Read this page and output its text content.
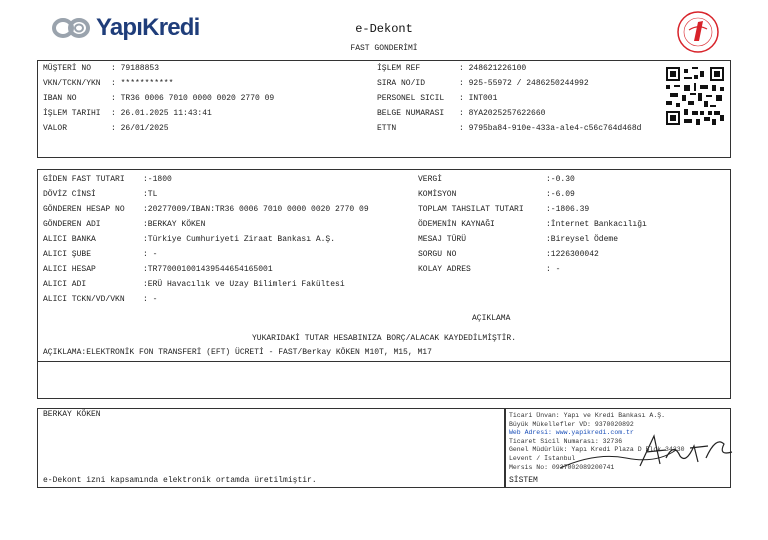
YapıKredi	e-Dekont
FAST GONDERİMİ
MÜŞTERİ NO : 79188853
VKN/TCKN/YKN : ***********
IBAN NO	: TR36 0006 7010 0000 0020 2770 09
İŞLEM TARIHI : 26.01.2025 11:43:41
VALOR	: 26/01/2025
İŞLEM REF	: 248621226100
SIRA NO/ID	: 925-55972 / 2486250244992
PERSONEL SICIL : INT001
BELGE NUMARASI : 8YA2025257622660
ETTN	: 9795ba84-910e-433a-ale4-c56c764d468d
GİDEN FAST TUTARI :-1800
DÖVİZ CİNSİ	:TL
GÖNDEREN HESAP NO :20277009/IBAN:TR36 0006 7010 0000 0020 2770 09
GÖNDEREN ADI	:BERKAY KÖKEN
ALICI BANKA	:Türkiye Cumhuriyeti Ziraat Bankası A.Ş.
ALICI ŞUBE	: -
ALICI HESAP	:TR770001001439544654165001
ALICI ADI	:ERÜ Havacılık ve Uzay Bilimleri Fakültesi
ALICI TCKN/VD/VKN : -
VERGİ	:-0.30
KOMİSYON	:-6.09
TOPLAM TAHSILAT TUTARI	:-1806.39
ÖDEMENİN KAYNAĞI	:İnternet Bankacılığı
MESAJ TÜRÜ	:Bireysel Ödeme
SORGU NO	:1226300042
KOLAY ADRES	: -
AÇIKLAMA
YUKARIDAKİ TUTAR HESABINIZA BORÇ/ALACAK KAYDEDİLMİŞTİR.
AÇIKLAMA:ELEKTRONİK FON TRANSFERİ (EFT) ÜCRETİ - FAST/Berkay KÖKEN M10T, M15, M17
BERKAY KÖKEN
e-Dekont izni kapsamında elektronik ortamda üretilmiştir.
Ticari Ünvan: Yapı ve Kredi Bankası A.Ş.
Büyük Mükellefler VD: 9370020892
Web Adresi: www.yapikredi.com.tr
Ticaret Sicil Numarası: 32736
Genel Müdürlük: Yapı Kredi Plaza D Blok 34330
Levent / İstanbul
Mersis No: 0937002089200741
SİSTEM
